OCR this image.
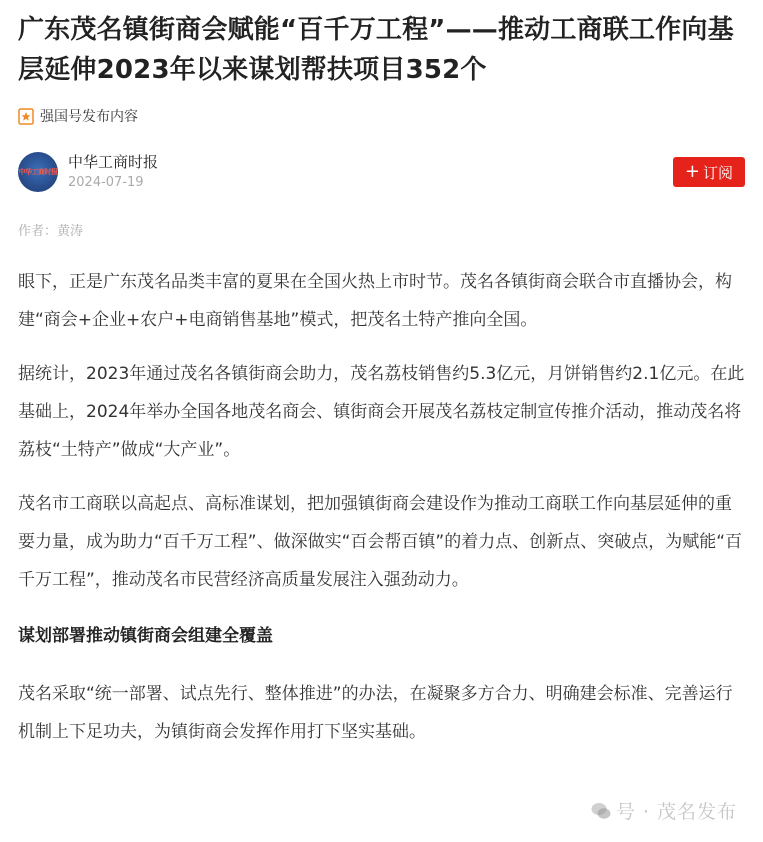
广东茂名镇街商会赋能“百千万工程”——推动工商联工作向基层延伸2023年以来谋划帮扶项目352个
强国号发布内容
中华工商时报
中华工商时报
2024-07-19
+ 订阅
作者：黄涛

眼下，正是广东茂名品类丰富的夏果在全国火热上市时节。茂名各镇街商会联合市直播协会，构建“商会+企业+农户+电商销售基地”模式，把茂名土特产推向全国。

据统计，2023年通过茂名各镇街商会助力，茂名荔枝销售约5.3亿元，月饼销售约2.1亿元。在此基础上，2024年举办全国各地茂名商会、镇街商会开展茂名荔枝定制宣传推介活动，推动茂名将荔枝“土特产”做成“大产业”。

茂名市工商联以高起点、高标准谋划，把加强镇街商会建设作为推动工商联工作向基层延伸的重要力量，成为助力“百千万工程”、做深做实“百会帮百镇”的着力点、创新点、突破点，为赋能“百千万工程”，推动茂名市民营经济高质量发展注入强劲动力。

谋划部署推动镇街商会组建全覆盖

茂名采取“统一部署、试点先行、整体推进”的办法，在凝聚多方合力、明确建会标准、完善运行机制上下足功夫，为镇街商会发挥作用打下坚实基础。

号 · 茂名发布
